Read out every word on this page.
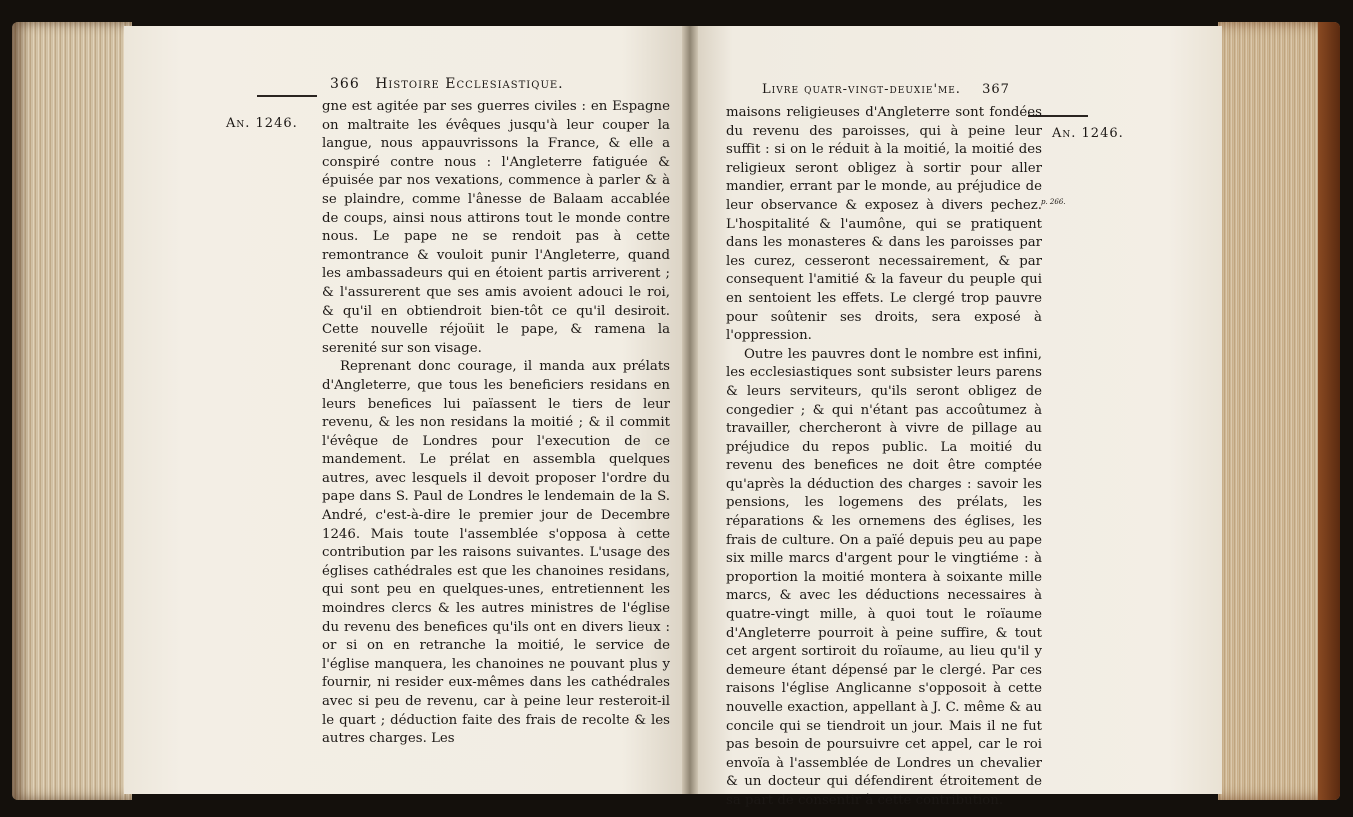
366 Histoire Ecclesiastique.
An. 1246.

gne est agitée par ses guerres civiles : en Espagne on maltraite les évêques jusqu'à leur couper la langue, nous appauvrissons la France, & elle a conspiré contre nous : l'Angleterre fatiguée & épuisée par nos vexations, commence à parler & à se plaindre, comme l'ânesse de Balaam accablée de coups, ainsi nous attirons tout le monde contre nous. Le pape ne se rendoit pas à cette remontrance & vouloit punir l'Angleterre, quand les ambassadeurs qui en étoient partis arriverent ; & l'assurerent que ses amis avoient adouci le roi, & qu'il en obtiendroit bien-tôt ce qu'il desiroit. Cette nouvelle réjoüit le pape, & ramena la serenité sur son visage.

Reprenant donc courage, il manda aux prélats d'Angleterre, que tous les beneficiers residans en leurs benefices lui païassent le tiers de leur revenu, & les non residans la moitié ; & il commit l'évêque de Londres pour l'execution de ce mandement. Le prélat en assembla quelques autres, avec lesquels il devoit proposer l'ordre du pape dans S. Paul de Londres le lendemain de la S. André, c'est-à-dire le premier jour de Decembre 1246. Mais toute l'assemblée s'opposa à cette contribution par les raisons suivantes. L'usage des églises cathédrales est que les chanoines residans, qui sont peu en quelques-unes, entretiennent les moindres clercs & les autres ministres de l'église du revenu des benefices qu'ils ont en divers lieux : or si on en retranche la moitié, le service de l'église manquera, les chanoines ne pouvant plus y fournir, ni resider eux-mêmes dans les cathédrales avec si peu de revenu, car à peine leur resteroit-il le quart ; déduction faite des frais de recolte & les autres charges. Les

Livre quatr-vingt-deuxie'me. 367
An. 1246.
p. 266.

maisons religieuses d'Angleterre sont fondées du revenu des paroisses, qui à peine leur suffit : si on le réduit à la moitié, la moitié des religieux seront obligez à sortir pour aller mandier, errant par le monde, au préjudice de leur observance & exposez à divers pechez. L'hospitalité & l'aumône, qui se pratiquent dans les monasteres & dans les paroisses par les curez, cesseront necessairement, & par consequent l'amitié & la faveur du peuple qui en sentoient les effets. Le clergé trop pauvre pour soûtenir ses droits, sera exposé à l'oppression.

Outre les pauvres dont le nombre est infini, les ecclesiastiques sont subsister leurs parens & leurs serviteurs, qu'ils seront obligez de congedier ; & qui n'étant pas accoûtumez à travailler, chercheront à vivre de pillage au préjudice du repos public. La moitié du revenu des benefices ne doit être comptée qu'après la déduction des charges : savoir les pensions, les logemens des prélats, les réparations & les ornemens des églises, les frais de culture. On a païé depuis peu au pape six mille marcs d'argent pour le vingtiéme : à proportion la moitié montera à soixante mille marcs, & avec les déductions necessaires à quatre-vingt mille, à quoi tout le roïaume d'Angleterre pourroit à peine suffire, & tout cet argent sortiroit du roïaume, au lieu qu'il y demeure étant dépensé par le clergé. Par ces raisons l'église Anglicanne s'opposoit à cette nouvelle exaction, appellant à J. C. même & au concile qui se tiendroit un jour. Mais il ne fut pas besoin de poursuivre cet appel, car le roi envoïa à l'assemblée de Londres un chevalier & un docteur qui défendirent étroitement de sa part de consentir à cette contribution.
